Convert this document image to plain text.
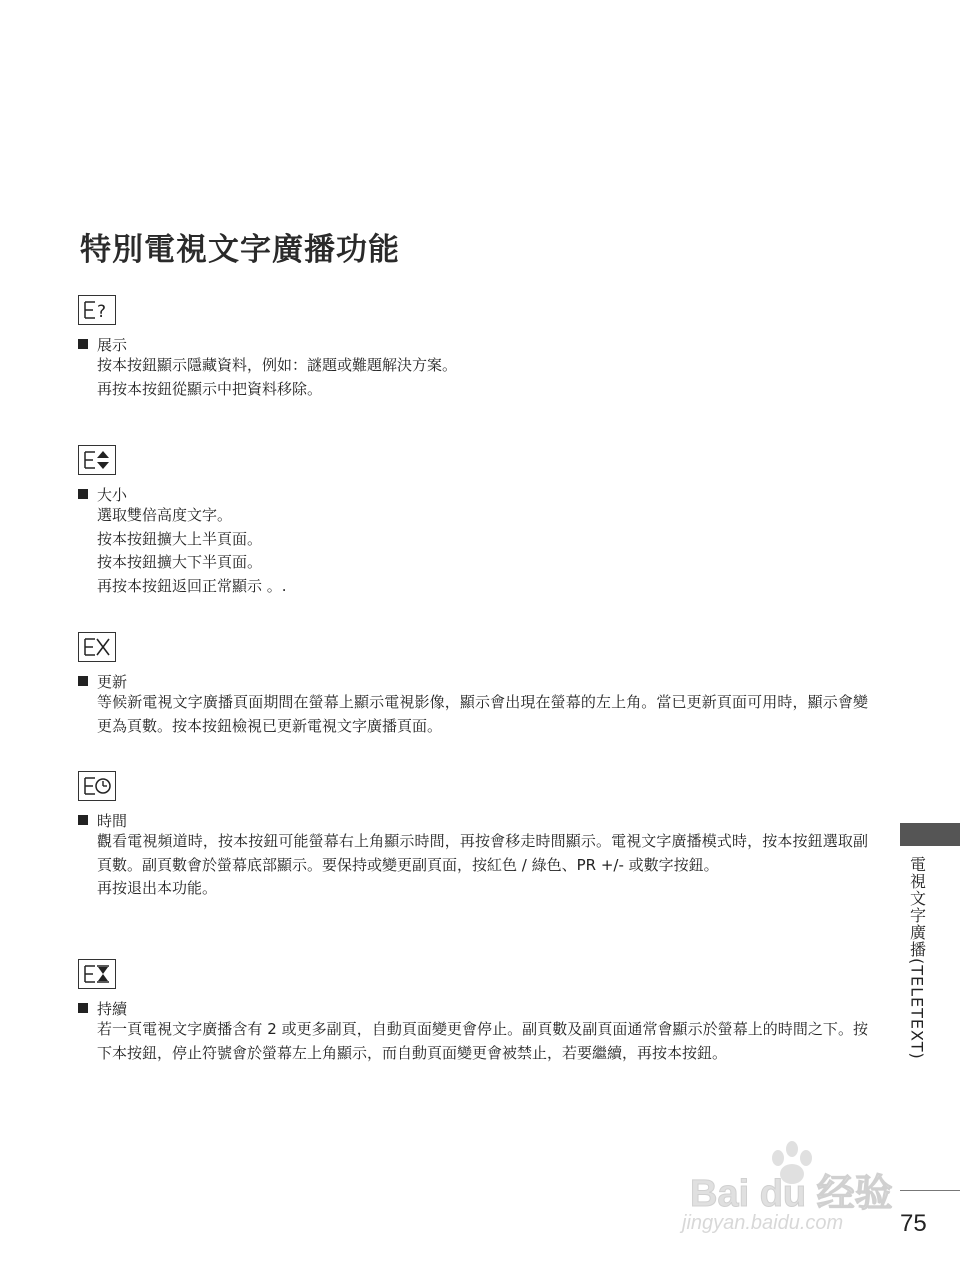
特別電視文字廣播功能
?
展示

按本按鈕顯示隱藏資料，例如：謎題或難題解決方案。

再按本按鈕從顯示中把資料移除。

大小

選取雙倍高度文字。

按本按鈕擴大上半頁面。

按本按鈕擴大下半頁面。

再按本按鈕返回正常顯示 。.

更新

等候新電視文字廣播頁面期間在螢幕上顯示電視影像，顯示會出現在螢幕的左上角。當已更新頁面可用時，顯示會變更為頁數。按本按鈕檢視已更新電視文字廣播頁面。

時間

觀看電視頻道時，按本按鈕可能螢幕右上角顯示時間，再按會移走時間顯示。電視文字廣播模式時，按本按鈕選取副頁數。副頁數會於螢幕底部顯示。要保持或變更副頁面，按紅色 / 綠色、PR +/- 或數字按鈕。

再按退出本功能。

持續

若一頁電視文字廣播含有 2 或更多副頁，自動頁面變更會停止。副頁數及副頁面通常會顯示於螢幕上的時間之下。按下本按鈕，停止符號會於螢幕左上角顯示，而自動頁面變更會被禁止，若要繼續，再按本按鈕。	電視文字廣播(TELETEXT)
Bai du 经验
jingyan.baidu.com 75
